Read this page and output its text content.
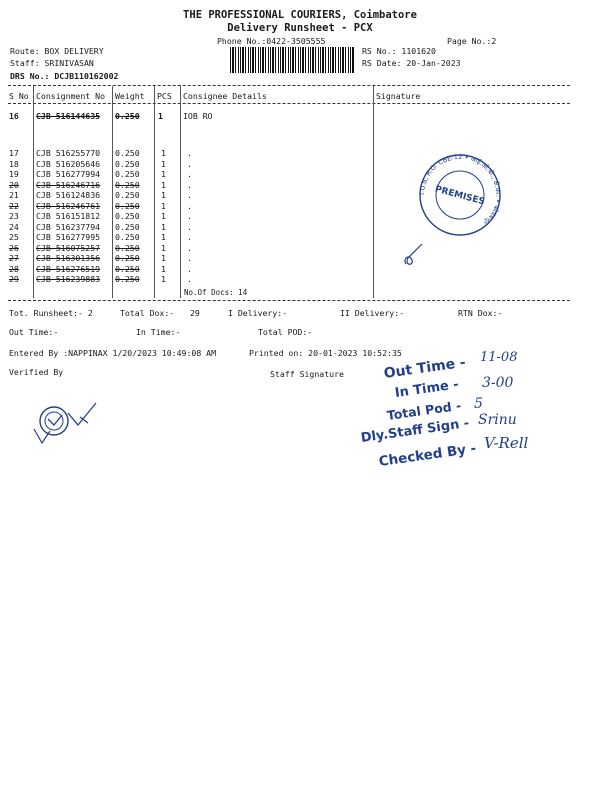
THE PROFESSIONAL COURIERS, Coimbatore
Delivery Runsheet - PCX
Phone No.:0422-3505555	Page No.:2
Route: BOX DELIVERY
Staff: SRINIVASAN
DRS No.: DCJB110162002
RS No.: 1101620
RS Date: 20-Jan-2023
S No Consignment No Weight PCS Consignee Details	Signature
16 CJB 516144635 0.250 1 IOB RO
17	CJB 516255770	0.250	1	.
18	CJB 516205646	0.250	1	.
19	CJB 516277994	0.250	1	.
20	CJB 516246716	0.250	1	.
21	CJB 516124836	0.250	1	.
22	CJB 516246761	0.250	1	.
23	CJB 516151812	0.250	1	.
24	CJB 516237794	0.250	1	.
25	CJB 516277995	0.250	1	.
26	CJB 516075257	0.250	1	.
27	CJB 516301356	0.250	1	.
28	CJB 516276519	0.250	1	.
29	CJB 516239883	0.250	1	.
No.Of Docs: 14
I.O.B, R.O. CBE-12 • आई.ओ.बी., क्षे.का. • कोयंबत्तूर
PREMISES
Tot. Runsheet:- 2	Total Dox:- 29	I Delivery:-	II Delivery:-	RTN Dox:-
Out Time:-	In Time:-	Total POD:-
Entered By :NAPPINAX 1/20/2023 10:49:08 AM	Printed on: 20-01-2023 10:52:35
Verified By	Staff Signature	Out Time - 11-08
In Time - 3-00
Total Pod - 5
Dly.Staff Sign - Srinu
Checked By - V-Rell
